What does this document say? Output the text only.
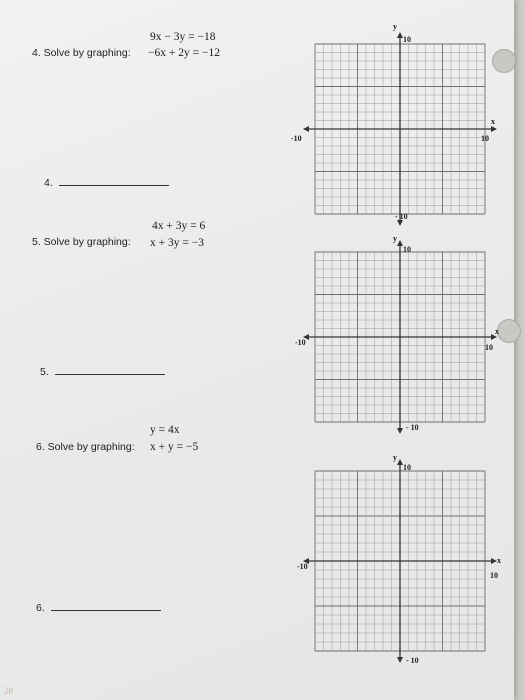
9x − 3y = −18
4. Solve by graphing: −6x + 2y = −12
4.
4x + 3y = 6
5. Solve by graphing: x + 3y = −3
5.
y = 4x
6. Solve by graphing: x + y = −5
6.
y
10
- 10
-10	10
x
y
10
- 10
-10
10
x
y
10
- 10
-10
10
x
28
